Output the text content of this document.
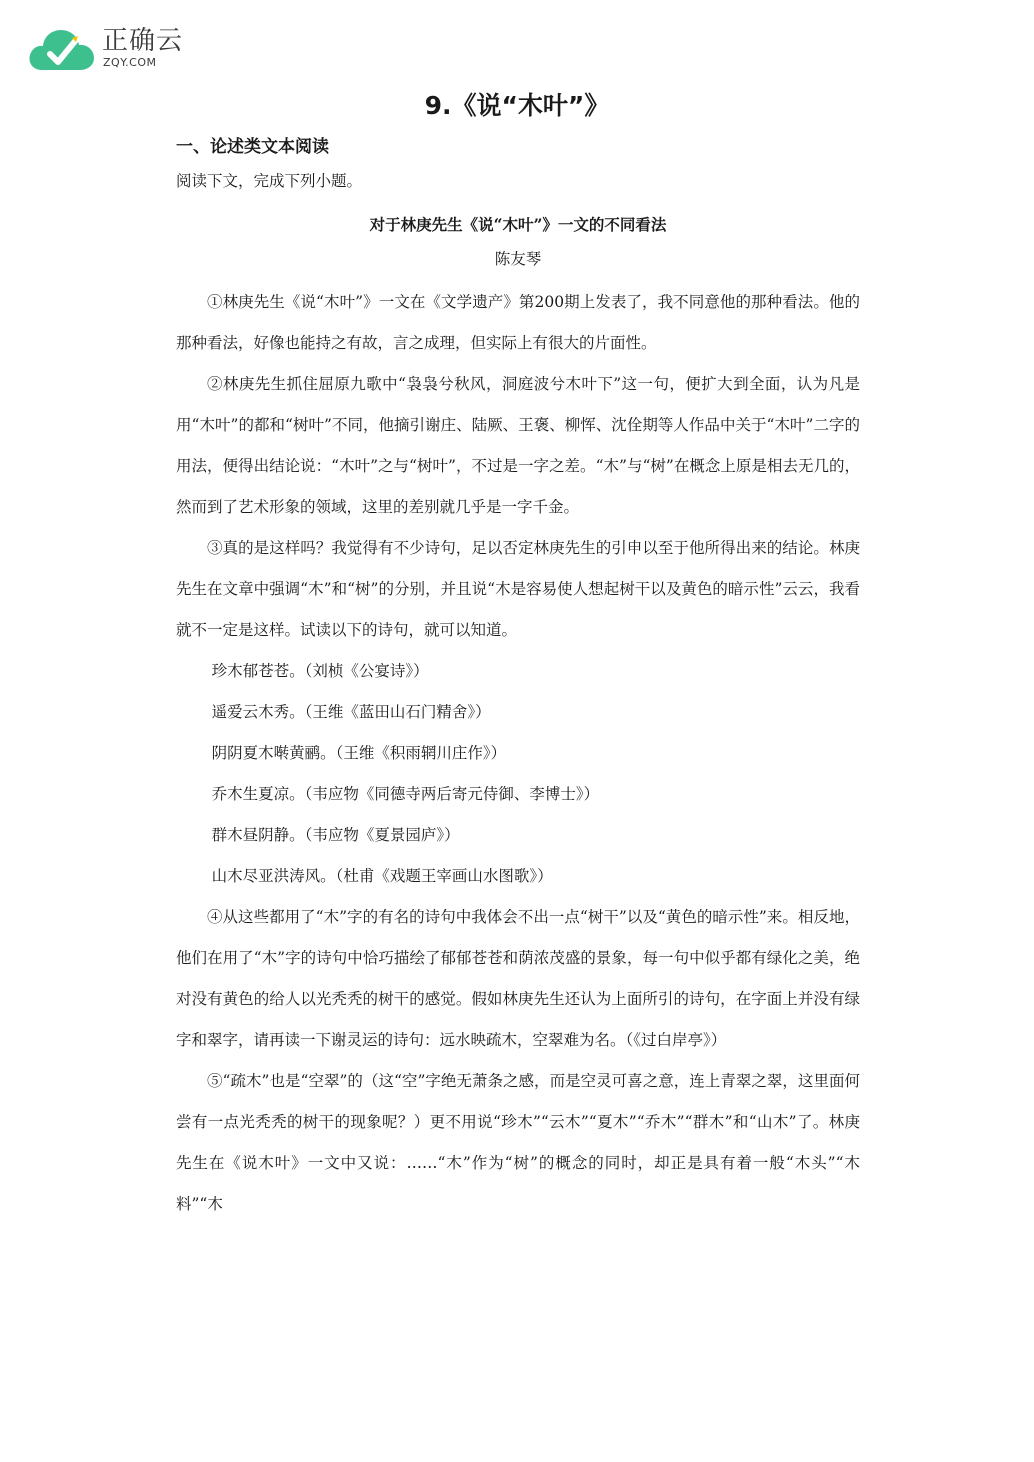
正确云
ZQY.COM
9.《说“木叶”》

一、论述类文本阅读

阅读下文，完成下列小题。

对于林庚先生《说“木叶”》一文的不同看法

陈友琴

①林庚先生《说“木叶”》一文在《文学遗产》第200期上发表了，我不同意他的那种看法。他的那种看法，好像也能持之有故，言之成理，但实际上有很大的片面性。

②林庚先生抓住屈原九歌中“袅袅兮秋风，洞庭波兮木叶下”这一句，便扩大到全面，认为凡是用“木叶”的都和“树叶”不同，他摘引谢庄、陆厥、王褒、柳恽、沈佺期等人作品中关于“木叶”二字的用法，便得出结论说：“木叶”之与“树叶”，不过是一字之差。“木”与“树”在概念上原是相去无几的，然而到了艺术形象的领域，这里的差别就几乎是一字千金。

③真的是这样吗？我觉得有不少诗句，足以否定林庚先生的引申以至于他所得出来的结论。林庚先生在文章中强调“木”和“树”的分别，并且说“木是容易使人想起树干以及黄色的暗示性”云云，我看就不一定是这样。试读以下的诗句，就可以知道。

珍木郁苍苍。（刘桢《公宴诗》）

遥爱云木秀。（王维《蓝田山石门精舍》）

阴阴夏木啭黄鹂。（王维《积雨辋川庄作》）

乔木生夏凉。（韦应物《同德寺两后寄元侍御、李博士》）

群木昼阴静。（韦应物《夏景园庐》）

山木尽亚洪涛风。（杜甫《戏题王宰画山水图歌》）

④从这些都用了“木”字的有名的诗句中我体会不出一点“树干”以及“黄色的暗示性”来。相反地，他们在用了“木”字的诗句中恰巧描绘了郁郁苍苍和荫浓茂盛的景象，每一句中似乎都有绿化之美，绝对没有黄色的给人以光秃秃的树干的感觉。假如林庚先生还认为上面所引的诗句，在字面上并没有绿字和翠字，请再读一下谢灵运的诗句：远水映疏木，空翠难为名。（《过白岸亭》）

⑤“疏木”也是“空翠”的（这“空”字绝无萧条之感，而是空灵可喜之意，连上青翠之翠，这里面何尝有一点光秃秃的树干的现象呢？）更不用说“珍木”“云木”“夏木”“乔木”“群木”和“山木”了。林庚先生在《说木叶》一文中又说：……“木”作为“树”的概念的同时，却正是具有着一般“木头”“木料”“木
